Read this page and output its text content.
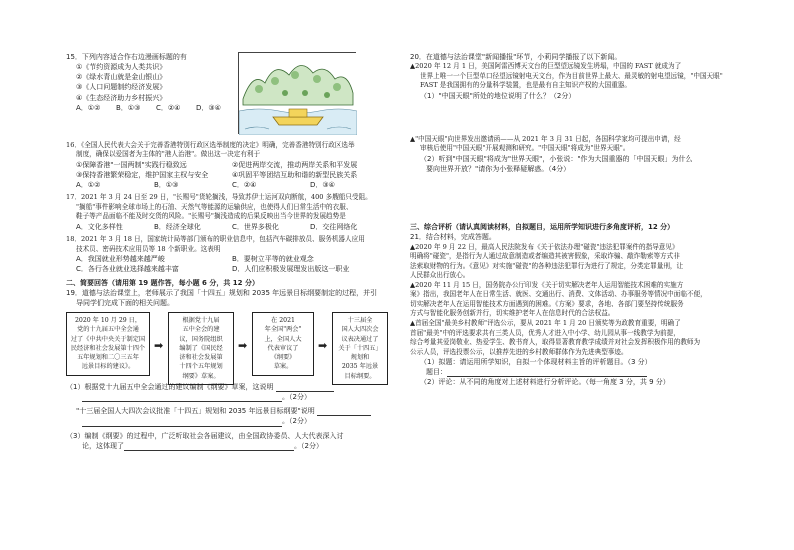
15．下列内容适合作右边漫画标题的有
①《节约资源成为人类共识》
②《绿水青山就是金山银山》
③《人口问题制约经济发展》
④《生态经济助力乡村振兴》
A．①②	B．①③	C．②④	D．③④
16．《全国人民代表大会关于完善香港特别行政区选举制度的决定》明确，完善香港特别行政区选举
制度，确保以爱国者为主体的"港人治港"。做出这一决定有利于
①保障香港"一国两制"实践行稳致远	②促进两岸交流，推动两岸关系和平发展
③保持香港繁荣稳定，维护国家主权与安全	④巩固平等团结互助和谐的新型民族关系
A．①②	B．①③	C．②④	D．③④
17．2021 年 3 月 24 日至 29 日，"长赐号"货轮搁浅，导致苏伊士运河双向断航，400 多艘船只受阻。
"搁船"事件影响全球市场上的石油、天然气等能源的运输供应，也使得人们日常生活中的衣服、
鞋子等产品面临不能及时交货的风险。"长赐号"搁浅造成的后果反映出当今世界的发展趋势是
A．文化多样性	B．经济全球化	C．世界多极化	D．交往网络化
18．2021 年 3 月 18 日，国家统计局等部门颁布的职业信息中，包括汽车碳排放员、服务机器人应用
技术员、密码技术应用员等 18 个新职业。这表明
A．我国就业形势越来越严峻	B．要树立平等的就业观念
C．各行各业就业选择越来越丰富	D．人们应积极发展理发出版这一职业
二、简要回答（请用第 19 题作答，每小题 6 分，共 12 分）
19．道德与法治课堂上，老师展示了我国「十四五」规划和 2035 年远景目标纲要制定的过程，并引
导同学们完成下面的相关问题。
2020 年 10 月 29 日，
党的十九届五中全会通
过了《中共中央关于制定国
民经济和社会发展第十四个
五年规划和二〇三五年
远景目标的建议》。
➡
根据党十九届
五中全会的建
议，国务院组织
编制了《国民经
济和社会发展第
十四个五年规划
纲要》草案。
➡
在 2021
年全国"两会"
上，全国人大
代表审议了
《纲要》
草案。
➡
十三届全
国人大四次会
议表决通过了
关于「十四五」
规划和
2035 年远景
目标纲要。
（1）根据党十九届五中全会通过的建议编制《纲要》草案，这说明
。（2分）
"十三届全国人大四次会议批准「十四五」规划和 2035 年远景目标纲要"说明
。（2分）
（3）编制《纲要》的过程中，广泛听取社会各届建议，由全国政协委员、人大代表深入讨
论，这体现了	。（2分）
20．在道德与法治课堂"新闻播报"环节，小莉同学播报了以下新闻。
▲2020 年 12 月 1 日，美国阿雷西博天文台的巨型望远镜发生坍塌，中国的 FAST 就成为了
世界上唯一一个巨型单口径望远镜射电天文台，作为目前世界上最大、最灵敏的射电望远镜，"中国天眼"
FAST 是我国拥有的分量科学装置，也是最有自主知识产权的大国重器。
（1）"中国天眼"所处的地位说明了什么？（2分）
▲"中国天眼"向世界发出邀请函——从 2021 年 3 月 31 日起，各国科学家均可提出申请，经
审核后使用"中国天眼"开展观测和研究。"中国天眼"将成为"世界天眼"。
（2）听到"中国天眼"将成为"世界天眼"，小张说："作为大国重器的「中国天眼」为什么
要向世界开放？"请你为小张释疑解惑。（4分）
三、综合评析（请认真阅读材料，自拟题目，运用所学知识进行多角度评析，12 分）
21．结合材料，完成答题。
▲2020 年 9 月 22 日，最高人民法院发布《关于依法办理"碰瓷"违法犯罪案件的指导意见》
明确将"碰瓷"，是指行为人通过故意制造或者编造其被害假象，采取诈骗、敲诈勒索等方式非
法索取财物的行为。《意见》对实施"碰瓷"的各种违法犯罪行为进行了规定，分类定罪量刑，让
人民群众出行放心。
▲2020 年 11 月 15 日，国务院办公厅印发《关于切实解决老年人运用智能技术困难的实施方
案》指出，我国老年人在日常生活、就医、交通出行、消费、文体活动、办事服务等情况中面临不便，
切实解决老年人在运用智能技术方面遇到的困难。《方案》要求，各地、各部门要坚持传统服务
方式与智能化服务创新并行，切实维护老年人在信息时代的合法权益。
▲首届全国"最美乡村教师"评选公示，要从 2021 年 1 月 20 日颁奖等为政教育重要，明确了
首届"最美"中的评选要求共有三类人员，优秀人才进入中小学、幼儿园从事一线教学为前提，
综合考量其爱岗敬业、热爱学生、教书育人，取得显著教育教学成绩并对社会发挥积极作用的教师为
公示人员，评选投票公示，以推荐先进的乡村教师群体作为先进典型事迹。
（1）拟题：请运用所学知识，自拟一个体现材料主旨的评析题目。（3 分）
题目：
（2）评论：从不同的角度对上述材料进行分析评论。（每一角度 3 分，共 9 分）
